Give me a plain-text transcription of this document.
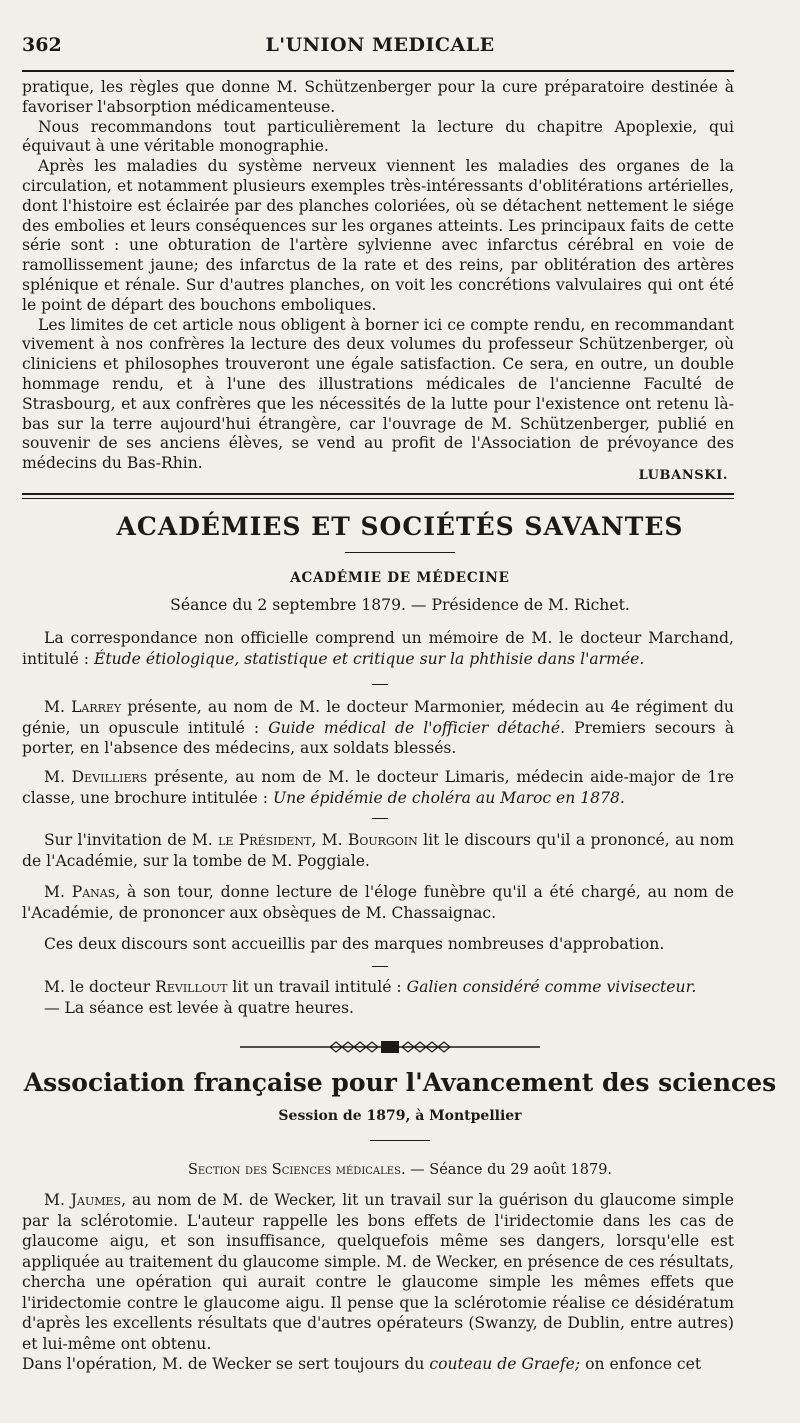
362	L'UNION MEDICALE

pratique, les règles que donne M. Schützenberger pour la cure préparatoire destinée à favoriser l'absorption médicamenteuse.

Nous recommandons tout particulièrement la lecture du chapitre Apoplexie, qui équivaut à une véritable monographie.

Après les maladies du système nerveux viennent les maladies des organes de la circulation, et notamment plusieurs exemples très-intéressants d'oblitérations artérielles, dont l'histoire est éclairée par des planches coloriées, où se détachent nettement le siége des embolies et leurs conséquences sur les organes atteints. Les principaux faits de cette série sont : une obturation de l'artère sylvienne avec infarctus cérébral en voie de ramollissement jaune; des infarctus de la rate et des reins, par oblitération des artères splénique et rénale. Sur d'autres planches, on voit les concrétions valvulaires qui ont été le point de départ des bouchons emboliques.

Les limites de cet article nous obligent à borner ici ce compte rendu, en recommandant vivement à nos confrères la lecture des deux volumes du professeur Schützenberger, où cliniciens et philosophes trouveront une égale satisfaction. Ce sera, en outre, un double hommage rendu, et à l'une des illustrations médicales de l'ancienne Faculté de Strasbourg, et aux confrères que les nécessités de la lutte pour l'existence ont retenu là-bas sur la terre aujourd'hui étrangère, car l'ouvrage de M. Schützenberger, publié en souvenir de ses anciens élèves, se vend au profit de l'Association de prévoyance des médecins du Bas-Rhin.

LUBANSKI.
ACADÉMIES ET SOCIÉTÉS SAVANTES
ACADÉMIE DE MÉDECINE
Séance du 2 septembre 1879. — Présidence de M. Richet.

La correspondance non officielle comprend un mémoire de M. le docteur Marchand, intitulé : Étude étiologique, statistique et critique sur la phthisie dans l'armée.

M. Larrey présente, au nom de M. le docteur Marmonier, médecin au 4e régiment du génie, un opuscule intitulé : Guide médical de l'officier détaché. Premiers secours à porter, en l'absence des médecins, aux soldats blessés.

M. Devilliers présente, au nom de M. le docteur Limaris, médecin aide-major de 1re classe, une brochure intitulée : Une épidémie de choléra au Maroc en 1878.

Sur l'invitation de M. le Président, M. Bourgoin lit le discours qu'il a prononcé, au nom de l'Académie, sur la tombe de M. Poggiale.

M. Panas, à son tour, donne lecture de l'éloge funèbre qu'il a été chargé, au nom de l'Académie, de prononcer aux obsèques de M. Chassaignac.

Ces deux discours sont accueillis par des marques nombreuses d'approbation.

M. le docteur Revillout lit un travail intitulé : Galien considéré comme vivisecteur.

— La séance est levée à quatre heures.

Association française pour l'Avancement des sciences
Session de 1879, à Montpellier
Section des Sciences médicales. — Séance du 29 août 1879.

M. Jaumes, au nom de M. de Wecker, lit un travail sur la guérison du glaucome simple par la sclérotomie. L'auteur rappelle les bons effets de l'iridectomie dans les cas de glaucome aigu, et son insuffisance, quelquefois même ses dangers, lorsqu'elle est appliquée au traitement du glaucome simple. M. de Wecker, en présence de ces résultats, chercha une opération qui aurait contre le glaucome simple les mêmes effets que l'iridectomie contre le glaucome aigu. Il pense que la sclérotomie réalise ce désidératum d'après les excellents résultats que d'autres opérateurs (Swanzy, de Dublin, entre autres) et lui-même ont obtenu.

Dans l'opération, M. de Wecker se sert toujours du couteau de Graefe; on enfonce cet
